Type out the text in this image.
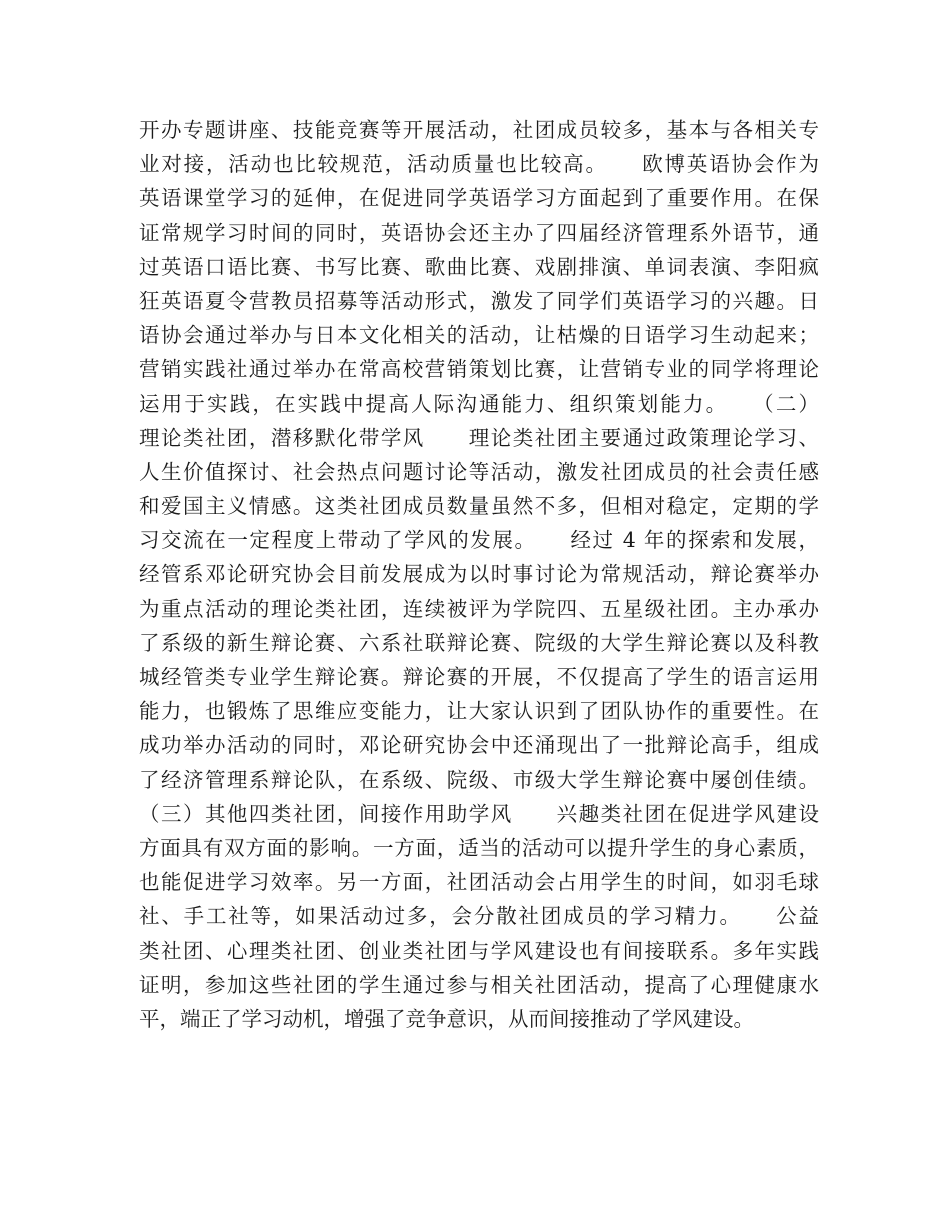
开办专题讲座、技能竞赛等开展活动，社团成员较多，基本与各相关专
业对接，活动也比较规范，活动质量也比较高。　　欧博英语协会作为
英语课堂学习的延伸，在促进同学英语学习方面起到了重要作用。在保
证常规学习时间的同时，英语协会还主办了四届经济管理系外语节，通
过英语口语比赛、书写比赛、歌曲比赛、戏剧排演、单词表演、李阳疯
狂英语夏令营教员招募等活动形式，激发了同学们英语学习的兴趣。日
语协会通过举办与日本文化相关的活动，让枯燥的日语学习生动起来；
营销实践社通过举办在常高校营销策划比赛，让营销专业的同学将理论
运用于实践，在实践中提高人际沟通能力、组织策划能力。　　（二）
理论类社团，潜移默化带学风　　理论类社团主要通过政策理论学习、
人生价值探讨、社会热点问题讨论等活动，激发社团成员的社会责任感
和爱国主义情感。这类社团成员数量虽然不多，但相对稳定，定期的学
习交流在一定程度上带动了学风的发展。　　经过 4 年的探索和发展，
经管系邓论研究协会目前发展成为以时事讨论为常规活动，辩论赛举办
为重点活动的理论类社团，连续被评为学院四、五星级社团。主办承办
了系级的新生辩论赛、六系社联辩论赛、院级的大学生辩论赛以及科教
城经管类专业学生辩论赛。辩论赛的开展，不仅提高了学生的语言运用
能力，也锻炼了思维应变能力，让大家认识到了团队协作的重要性。在
成功举办活动的同时，邓论研究协会中还涌现出了一批辩论高手，组成
了经济管理系辩论队，在系级、院级、市级大学生辩论赛中屡创佳绩。
（三）其他四类社团，间接作用助学风　　兴趣类社团在促进学风建设
方面具有双方面的影响。一方面，适当的活动可以提升学生的身心素质，
也能促进学习效率。另一方面，社团活动会占用学生的时间，如羽毛球
社、手工社等，如果活动过多，会分散社团成员的学习精力。　　公益
类社团、心理类社团、创业类社团与学风建设也有间接联系。多年实践
证明，参加这些社团的学生通过参与相关社团活动，提高了心理健康水
平，端正了学习动机，增强了竞争意识，从而间接推动了学风建设。
